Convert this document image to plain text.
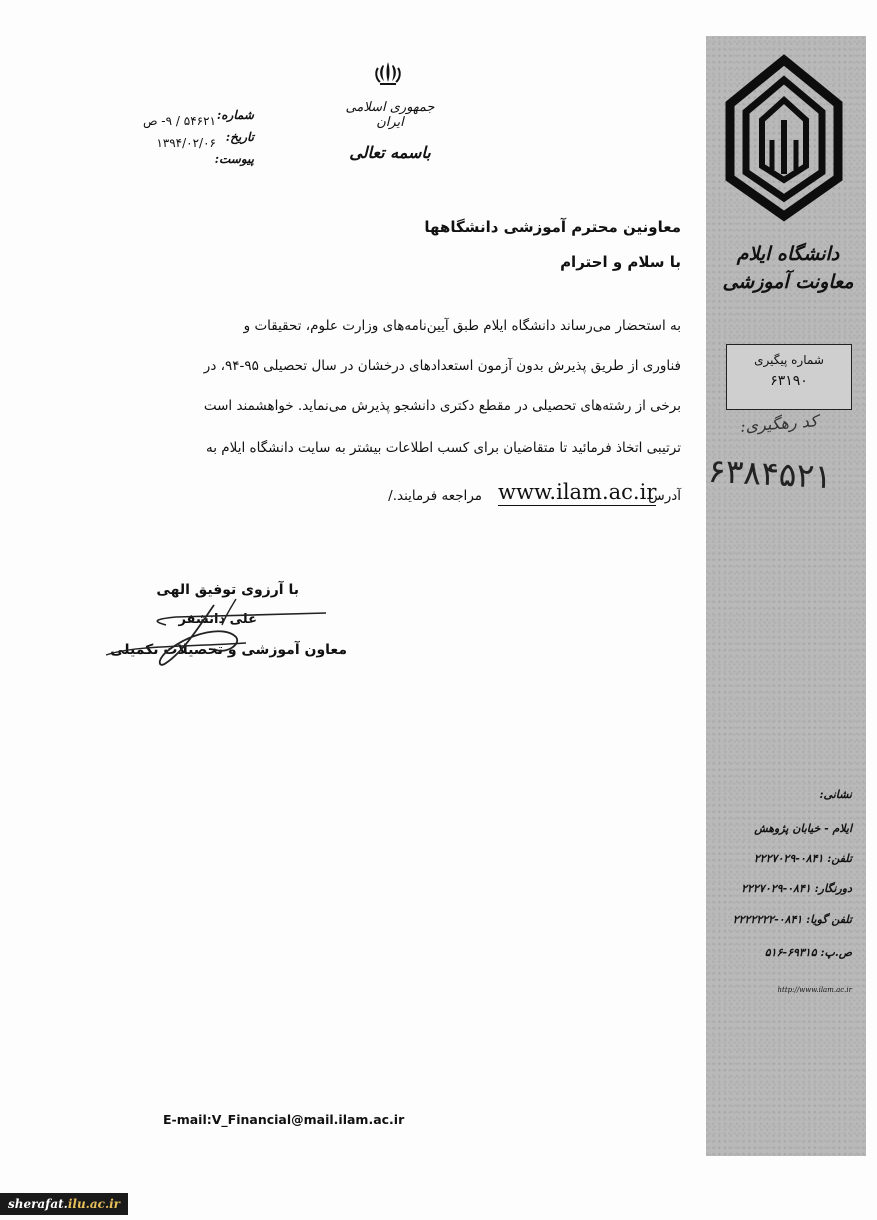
جمهوری اسلامی ایران
باسمه تعالی
شماره:
تاریخ:
پیوست:
۵۴۶۲۱ / ۹- ص
۱۳۹۴/۰۲/۰۶
معاونین محترم آموزشی دانشگاهها
با سلام و احترام
به استحضار می‌رساند دانشگاه ایلام طبق آیین‌نامه‌های وزارت علوم، تحقیقات و
فناوری از طریق پذیرش بدون آزمون استعدادهای درخشان در سال تحصیلی ۹۵-۹۴، در
برخی از رشته‌های تحصیلی در مقطع دکتری دانشجو پذیرش می‌نماید. خواهشمند است
ترتیبی اتخاذ فرمائید تا متقاضیان برای کسب اطلاعات بیشتر به سایت دانشگاه ایلام به
آدرس
www.ilam.ac.ir
مراجعه فرمایند./
با آرزوی توفیق الهی
علی دانشفر
معاون آموزشی و تحصیلات تکمیلی
E-mail:V_Financial@mail.ilam.ac.ir
دانشگاه ایلام
معاونت آموزشی
شماره پیگیری
۶۳۱۹۰
کد رهگیری:
۶۳۸۴۵۲۱
نشانی:
ایلام - خیابان پژوهش
تلفن: ۰۸۴۱-۲۲۲۷۰۲۹
دورنگار: ۰۸۴۱-۲۲۲۷۰۲۹
تلفن گویا: ۰۸۴۱-۲۲۲۲۲۲۲
ص.پ: ۶۹۳۱۵-۵۱۶
http://www.ilam.ac.ir
sherafat.ilu.ac.ir
